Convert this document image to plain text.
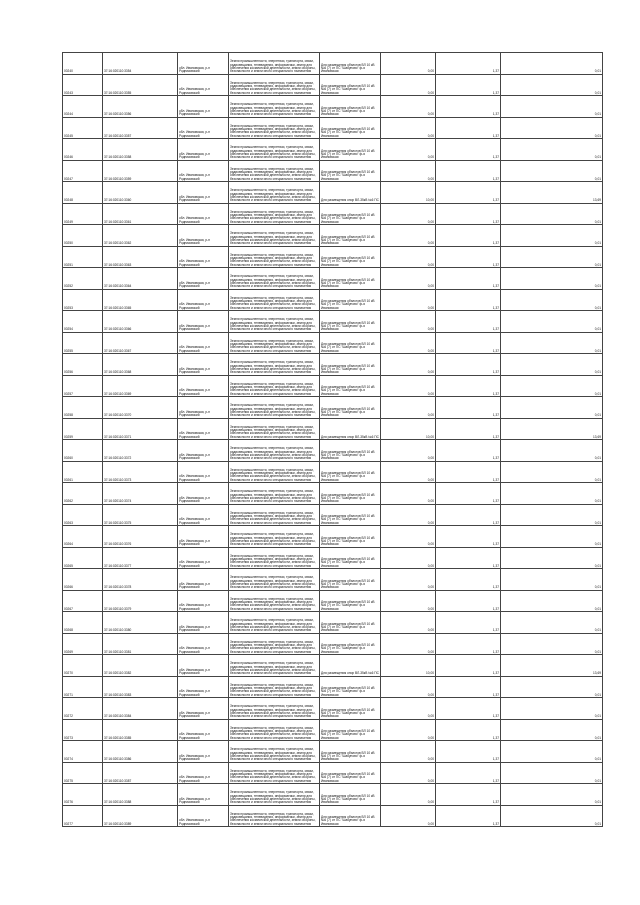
00240	37:16:020110:3354	обл. Ивановская, р-н Родниковский	Земли промышленности, энергетики, транспорта, связи, радиовещания, телевидения, информатики, земли для обеспечения космической деятельности, земли обороны, безопасности и земли иного специального назначения	Для размещения объектов ВЛ 10 кВ №6 (7) от ПС "Шабуново" ф-я Ивановская	0,00	1,37	0,01
00243	37:16:020110:3355	обл. Ивановская, р-н Родниковский	Земли промышленности, энергетики, транспорта, связи, радиовещания, телевидения, информатики, земли для обеспечения космической деятельности, земли обороны, безопасности и земли иного специального назначения	Для размещения объектов ВЛ 10 кВ №6 (7) от ПС "Шабуново" ф-я Ивановская	0,00	1,37	0,01
00244	37:16:020110:3356	обл. Ивановская, р-н Родниковский	Земли промышленности, энергетики, транспорта, связи, радиовещания, телевидения, информатики, земли для обеспечения космической деятельности, земли обороны, безопасности и земли иного специального назначения	Для размещения объектов ВЛ 10 кВ №6 (7) от ПС "Шабуново" ф-я Ивановская	0,00	1,37	0,01
00245	37:16:020110:3357	обл. Ивановская, р-н Родниковский	Земли промышленности, энергетики, транспорта, связи, радиовещания, телевидения, информатики, земли для обеспечения космической деятельности, земли обороны, безопасности и земли иного специального назначения	Для размещения объектов ВЛ 10 кВ №6 (7) от ПС "Шабуново" ф-я Ивановская	0,00	1,37	0,01
00246	37:16:020110:3358	обл. Ивановская, р-н Родниковский	Земли промышленности, энергетики, транспорта, связи, радиовещания, телевидения, информатики, земли для обеспечения космической деятельности, земли обороны, безопасности и земли иного специального назначения	Для размещения объектов ВЛ 10 кВ №6 (7) от ПС "Шабуново" ф-я Ивановская	0,00	1,37	0,01
00247	37:16:020110:3359	обл. Ивановская, р-н Родниковский	Земли промышленности, энергетики, транспорта, связи, радиовещания, телевидения, информатики, земли для обеспечения космической деятельности, земли обороны, безопасности и земли иного специального назначения	Для размещения объектов ВЛ 10 кВ №6 (7) от ПС "Шабуново" ф-я Ивановская	0,00	1,37	0,01
00248	37:16:020110:3360	обл. Ивановская, р-н Родниковский	Земли промышленности, энергетики, транспорта, связи, радиовещания, телевидения, информатики, земли для обеспечения космической деятельности, земли обороны, безопасности и земли иного специального назначения	Для размещения опор ВЛ-35кВ №6 ПС	10,00	1,37	13,69
00249	37:16:020110:3361	обл. Ивановская, р-н Родниковский	Земли промышленности, энергетики, транспорта, связи, радиовещания, телевидения, информатики, земли для обеспечения космической деятельности, земли обороны, безопасности и земли иного специального назначения	Для размещения объектов ВЛ 10 кВ №6 (7) от ПС "Шабуново" ф-я Ивановская	0,00	1,37	0,01
00250	37:16:020110:3362	обл. Ивановская, р-н Родниковский	Земли промышленности, энергетики, транспорта, связи, радиовещания, телевидения, информатики, земли для обеспечения космической деятельности, земли обороны, безопасности и земли иного специального назначения	Для размещения объектов ВЛ 10 кВ №6 (7) от ПС "Шабуново" ф-я Ивановская	0,00	1,37	0,01
00251	37:16:020110:3363	обл. Ивановская, р-н Родниковский	Земли промышленности, энергетики, транспорта, связи, радиовещания, телевидения, информатики, земли для обеспечения космической деятельности, земли обороны, безопасности и земли иного специального назначения	Для размещения объектов ВЛ 10 кВ №6 (7) от ПС "Шабуново" ф-я Ивановская	0,00	1,37	0,01
00252	37:16:020110:3364	обл. Ивановская, р-н Родниковский	Земли промышленности, энергетики, транспорта, связи, радиовещания, телевидения, информатики, земли для обеспечения космической деятельности, земли обороны, безопасности и земли иного специального назначения	Для размещения объектов ВЛ 10 кВ №6 (7) от ПС "Шабуново" ф-я Ивановская	0,00	1,37	0,01
00253	37:16:020110:3365	обл. Ивановская, р-н Родниковский	Земли промышленности, энергетики, транспорта, связи, радиовещания, телевидения, информатики, земли для обеспечения космической деятельности, земли обороны, безопасности и земли иного специального назначения	Для размещения объектов ВЛ 10 кВ №6 (7) от ПС "Шабуново" ф-я Ивановская	0,00	1,37	0,01
00254	37:16:020110:3366	обл. Ивановская, р-н Родниковский	Земли промышленности, энергетики, транспорта, связи, радиовещания, телевидения, информатики, земли для обеспечения космической деятельности, земли обороны, безопасности и земли иного специального назначения	Для размещения объектов ВЛ 10 кВ №6 (7) от ПС "Шабуново" ф-я Ивановская	0,00	1,37	0,01
00255	37:16:020110:3367	обл. Ивановская, р-н Родниковский	Земли промышленности, энергетики, транспорта, связи, радиовещания, телевидения, информатики, земли для обеспечения космической деятельности, земли обороны, безопасности и земли иного специального назначения	Для размещения объектов ВЛ 10 кВ №6 (7) от ПС "Шабуново" ф-я Ивановская	0,00	1,37	0,01
00256	37:16:020110:3368	обл. Ивановская, р-н Родниковский	Земли промышленности, энергетики, транспорта, связи, радиовещания, телевидения, информатики, земли для обеспечения космической деятельности, земли обороны, безопасности и земли иного специального назначения	Для размещения объектов ВЛ 10 кВ №6 (7) от ПС "Шабуново" ф-я Ивановская	0,00	1,37	0,01
00257	37:16:020110:3369	обл. Ивановская, р-н Родниковский	Земли промышленности, энергетики, транспорта, связи, радиовещания, телевидения, информатики, земли для обеспечения космической деятельности, земли обороны, безопасности и земли иного специального назначения	Для размещения объектов ВЛ 10 кВ №6 (7) от ПС "Шабуново" ф-я Ивановская	0,00	1,37	0,01
00258	37:16:020110:3370	обл. Ивановская, р-н Родниковский	Земли промышленности, энергетики, транспорта, связи, радиовещания, телевидения, информатики, земли для обеспечения космической деятельности, земли обороны, безопасности и земли иного специального назначения	Для размещения объектов ВЛ 10 кВ №6 (7) от ПС "Шабуново" ф-я Ивановская	0,00	1,37	0,01
00259	37:16:020110:3371	обл. Ивановская, р-н Родниковский	Земли промышленности, энергетики, транспорта, связи, радиовещания, телевидения, информатики, земли для обеспечения космической деятельности, земли обороны, безопасности и земли иного специального назначения	Для размещения опор ВЛ-35кВ №6 ПС	10,00	1,37	13,69
00260	37:16:020110:3372	обл. Ивановская, р-н Родниковский	Земли промышленности, энергетики, транспорта, связи, радиовещания, телевидения, информатики, земли для обеспечения космической деятельности, земли обороны, безопасности и земли иного специального назначения	Для размещения объектов ВЛ 10 кВ №6 (7) от ПС "Шабуново" ф-я Ивановская	0,00	1,37	0,01
00261	37:16:020110:3373	обл. Ивановская, р-н Родниковский	Земли промышленности, энергетики, транспорта, связи, радиовещания, телевидения, информатики, земли для обеспечения космической деятельности, земли обороны, безопасности и земли иного специального назначения	Для размещения объектов ВЛ 10 кВ №6 (7) от ПС "Шабуново" ф-я Ивановская	0,00	1,37	0,01
00262	37:16:020110:3374	обл. Ивановская, р-н Родниковский	Земли промышленности, энергетики, транспорта, связи, радиовещания, телевидения, информатики, земли для обеспечения космической деятельности, земли обороны, безопасности и земли иного специального назначения	Для размещения объектов ВЛ 10 кВ №6 (7) от ПС "Шабуново" ф-я Ивановская	0,00	1,37	0,01
00263	37:16:020110:3375	обл. Ивановская, р-н Родниковский	Земли промышленности, энергетики, транспорта, связи, радиовещания, телевидения, информатики, земли для обеспечения космической деятельности, земли обороны, безопасности и земли иного специального назначения	Для размещения объектов ВЛ 10 кВ №6 (7) от ПС "Шабуново" ф-я Ивановская	0,00	1,37	0,01
00264	37:16:020110:3376	обл. Ивановская, р-н Родниковский	Земли промышленности, энергетики, транспорта, связи, радиовещания, телевидения, информатики, земли для обеспечения космической деятельности, земли обороны, безопасности и земли иного специального назначения	Для размещения объектов ВЛ 10 кВ №6 (7) от ПС "Шабуново" ф-я Ивановская	0,00	1,37	0,01
00265	37:16:020110:3377	обл. Ивановская, р-н Родниковский	Земли промышленности, энергетики, транспорта, связи, радиовещания, телевидения, информатики, земли для обеспечения космической деятельности, земли обороны, безопасности и земли иного специального назначения	Для размещения объектов ВЛ 10 кВ №6 (7) от ПС "Шабуново" ф-я Ивановская	0,00	1,37	0,01
00266	37:16:020110:3378	обл. Ивановская, р-н Родниковский	Земли промышленности, энергетики, транспорта, связи, радиовещания, телевидения, информатики, земли для обеспечения космической деятельности, земли обороны, безопасности и земли иного специального назначения	Для размещения объектов ВЛ 10 кВ №6 (7) от ПС "Шабуново" ф-я Ивановская	0,00	1,37	0,01
00267	37:16:020110:3379	обл. Ивановская, р-н Родниковский	Земли промышленности, энергетики, транспорта, связи, радиовещания, телевидения, информатики, земли для обеспечения космической деятельности, земли обороны, безопасности и земли иного специального назначения	Для размещения объектов ВЛ 10 кВ №6 (7) от ПС "Шабуново" ф-я Ивановская	0,00	1,37	0,01
00268	37:16:020110:3380	обл. Ивановская, р-н Родниковский	Земли промышленности, энергетики, транспорта, связи, радиовещания, телевидения, информатики, земли для обеспечения космической деятельности, земли обороны, безопасности и земли иного специального назначения	Для размещения объектов ВЛ 10 кВ №6 (7) от ПС "Шабуново" ф-я Ивановская	0,00	1,37	0,01
00269	37:16:020110:3381	обл. Ивановская, р-н Родниковский	Земли промышленности, энергетики, транспорта, связи, радиовещания, телевидения, информатики, земли для обеспечения космической деятельности, земли обороны, безопасности и земли иного специального назначения	Для размещения объектов ВЛ 10 кВ №6 (7) от ПС "Шабуново" ф-я Ивановская	0,00	1,37	0,01
00270	37:16:020110:3382	обл. Ивановская, р-н Родниковский	Земли промышленности, энергетики, транспорта, связи, радиовещания, телевидения, информатики, земли для обеспечения космической деятельности, земли обороны, безопасности и земли иного специального назначения	Для размещения опор ВЛ-35кВ №6 ПС	10,00	1,37	13,69
00271	37:16:020110:3383	обл. Ивановская, р-н Родниковский	Земли промышленности, энергетики, транспорта, связи, радиовещания, телевидения, информатики, земли для обеспечения космической деятельности, земли обороны, безопасности и земли иного специального назначения	Для размещения объектов ВЛ 10 кВ №6 (7) от ПС "Шабуново" ф-я Ивановская	0,00	1,37	0,01
00272	37:16:020110:3384	обл. Ивановская, р-н Родниковский	Земли промышленности, энергетики, транспорта, связи, радиовещания, телевидения, информатики, земли для обеспечения космической деятельности, земли обороны, безопасности и земли иного специального назначения	Для размещения объектов ВЛ 10 кВ №6 (7) от ПС "Шабуново" ф-я Ивановская	0,00	1,37	0,01
00273	37:16:020110:3385	обл. Ивановская, р-н Родниковский	Земли промышленности, энергетики, транспорта, связи, радиовещания, телевидения, информатики, земли для обеспечения космической деятельности, земли обороны, безопасности и земли иного специального назначения	Для размещения объектов ВЛ 10 кВ №6 (7) от ПС "Шабуново" ф-я Ивановская	0,00	1,37	0,01
00274	37:16:020110:3386	обл. Ивановская, р-н Родниковский	Земли промышленности, энергетики, транспорта, связи, радиовещания, телевидения, информатики, земли для обеспечения космической деятельности, земли обороны, безопасности и земли иного специального назначения	Для размещения объектов ВЛ 10 кВ №6 (7) от ПС "Шабуново" ф-я Ивановская	0,00	1,37	0,01
00275	37:16:020110:3387	обл. Ивановская, р-н Родниковский	Земли промышленности, энергетики, транспорта, связи, радиовещания, телевидения, информатики, земли для обеспечения космической деятельности, земли обороны, безопасности и земли иного специального назначения	Для размещения объектов ВЛ 10 кВ №6 (7) от ПС "Шабуново" ф-я Ивановская	0,00	1,37	0,01
00276	37:16:020110:3388	обл. Ивановская, р-н Родниковский	Земли промышленности, энергетики, транспорта, связи, радиовещания, телевидения, информатики, земли для обеспечения космической деятельности, земли обороны, безопасности и земли иного специального назначения	Для размещения объектов ВЛ 10 кВ №6 (7) от ПС "Шабуново" ф-я Ивановская	0,00	1,37	0,01
00277	37:16:020110:3389	обл. Ивановская, р-н Родниковский	Земли промышленности, энергетики, транспорта, связи, радиовещания, телевидения, информатики, земли для обеспечения космической деятельности, земли обороны, безопасности и земли иного специального назначения	Для размещения объектов ВЛ 10 кВ №6 (7) от ПС "Шабуново" ф-я Ивановская	0,00	1,37	0,01
